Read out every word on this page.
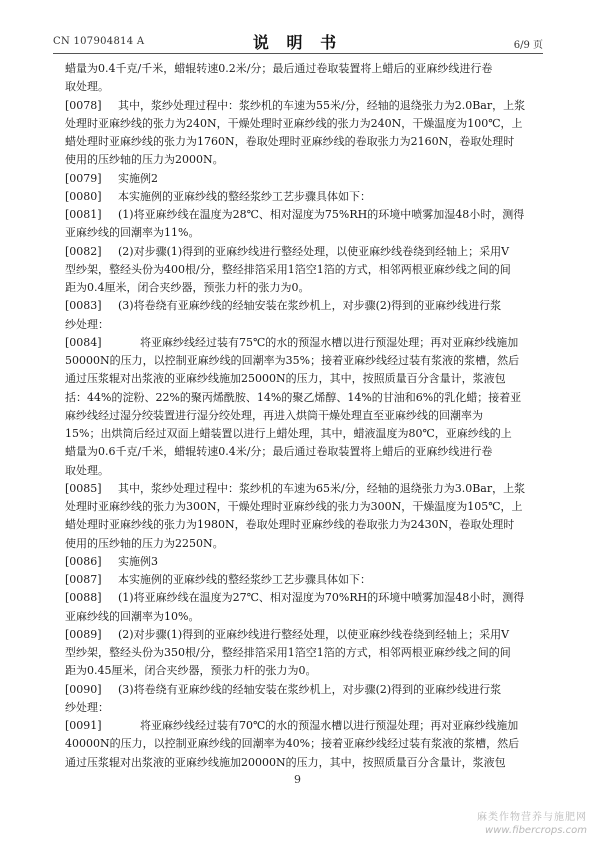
CN 107904814 A	说 明 书	6/9 页
蜡量为0.4千克/千米，蜡辊转速0.2米/分；最后通过卷取装置将上蜡后的亚麻纱线进行卷
取处理。
[0078]	其中，浆纱处理过程中：浆纱机的车速为55米/分，经轴的退绕张力为2.0Bar，上浆
处理时亚麻纱线的张力为240N，干燥处理时亚麻纱线的张力为240N，干燥温度为100℃，上
蜡处理时亚麻纱线的张力为1760N，卷取处理时亚麻纱线的卷取张力为2160N，卷取处理时
使用的压纱轴的压力为2000N。
[0079]	实施例2
[0080]	本实施例的亚麻纱线的整经浆纱工艺步骤具体如下：
[0081]	(1)将亚麻纱线在温度为28℃、相对湿度为75%RH的环境中喷雾加湿48小时，测得
亚麻纱线的回潮率为11%。
[0082]	(2)对步骤(1)得到的亚麻纱线进行整经处理，以使亚麻纱线卷绕到经轴上；采用V
型纱架，整经头份为400根/分，整经排箔采用1箔空1箔的方式，相邻两根亚麻纱线之间的间
距为0.4厘米，闭合夹纱器，预张力杆的张力为0。
[0083]	(3)将卷绕有亚麻纱线的经轴安装在浆纱机上，对步骤(2)得到的亚麻纱线进行浆
纱处理：
[0084]	将亚麻纱线经过装有75℃的水的预湿水槽以进行预湿处理；再对亚麻纱线施加
50000N的压力，以控制亚麻纱线的回潮率为35%；接着亚麻纱线经过装有浆液的浆槽，然后
通过压浆辊对出浆液的亚麻纱线施加25000N的压力，其中，按照质量百分含量计，浆液包
括：44%的淀粉、22%的聚丙烯酰胺、14%的聚乙烯醇、14%的甘油和6%的乳化蜡；接着亚
麻纱线经过湿分绞装置进行湿分绞处理，再进入烘筒干燥处理直至亚麻纱线的回潮率为
15%；出烘筒后经过双面上蜡装置以进行上蜡处理，其中，蜡液温度为80℃，亚麻纱线的上
蜡量为0.6千克/千米，蜡辊转速0.4米/分；最后通过卷取装置将上蜡后的亚麻纱线进行卷
取处理。
[0085]	其中，浆纱处理过程中：浆纱机的车速为65米/分，经轴的退绕张力为3.0Bar，上浆
处理时亚麻纱线的张力为300N，干燥处理时亚麻纱线的张力为300N，干燥温度为105℃，上
蜡处理时亚麻纱线的张力为1980N，卷取处理时亚麻纱线的卷取张力为2430N，卷取处理时
使用的压纱轴的压力为2250N。
[0086]	实施例3
[0087]	本实施例的亚麻纱线的整经浆纱工艺步骤具体如下：
[0088]	(1)将亚麻纱线在温度为27℃、相对湿度为70%RH的环境中喷雾加湿48小时，测得
亚麻纱线的回潮率为10%。
[0089]	(2)对步骤(1)得到的亚麻纱线进行整经处理，以使亚麻纱线卷绕到经轴上；采用V
型纱架，整经头份为350根/分，整经排箔采用1箔空1箔的方式，相邻两根亚麻纱线之间的间
距为0.45厘米，闭合夹纱器，预张力杆的张力为0。
[0090]	(3)将卷绕有亚麻纱线的经轴安装在浆纱机上，对步骤(2)得到的亚麻纱线进行浆
纱处理：
[0091]	将亚麻纱线经过装有70℃的水的预湿水槽以进行预湿处理；再对亚麻纱线施加
40000N的压力，以控制亚麻纱线的回潮率为40%；接着亚麻纱线经过装有浆液的浆槽，然后
通过压浆辊对出浆液的亚麻纱线施加20000N的压力，其中，按照质量百分含量计，浆液包
9
麻类作物营养与施肥网
www.fibercrops.com
